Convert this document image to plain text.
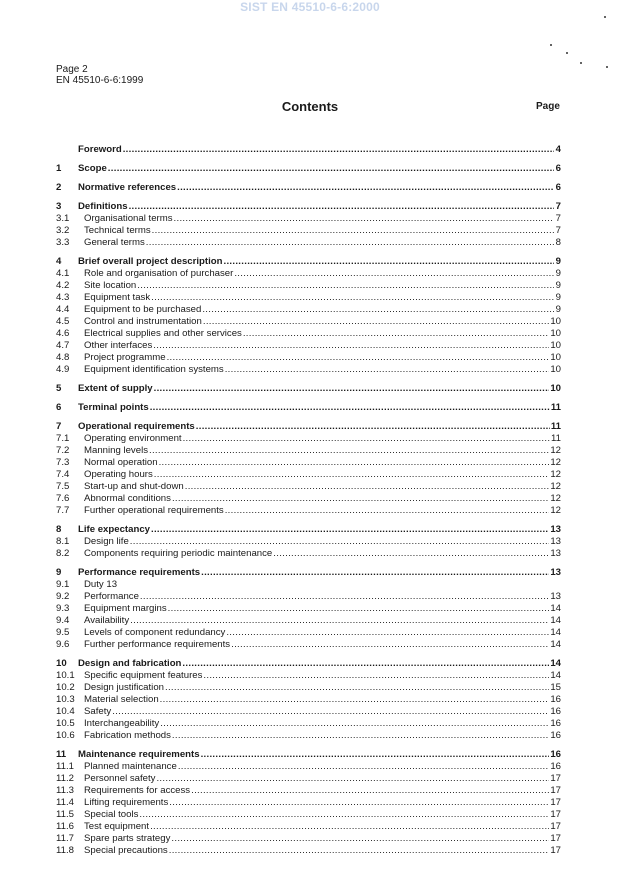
SIST EN 45510-6-6:2000
Page 2
EN 45510-6-6:1999
Contents	Page
Foreword .....	4
1	Scope .....	6
2	Normative references .....	6
3	Definitions .....	7
3.1	Organisational terms .....	7
3.2	Technical terms .....	7
3.3	General terms .....	8
4	Brief overall project description .....	9
4.1	Role and organisation of purchaser .....	9
4.2	Site location .....	9
4.3	Equipment task .....	9
4.4	Equipment to be purchased .....	9
4.5	Control and instrumentation .....	10
4.6	Electrical supplies and other services .....	10
4.7	Other interfaces .....	10
4.8	Project programme .....	10
4.9	Equipment identification systems .....	10
5	Extent of supply .....	10
6	Terminal points .....	11
7	Operational requirements .....	11
7.1	Operating environment .....	11
7.2	Manning levels .....	12
7.3	Normal operation .....	12
7.4	Operating hours .....	12
7.5	Start-up and shut-down .....	12
7.6	Abnormal conditions .....	12
7.7	Further operational requirements .....	12
8	Life expectancy .....	13
8.1	Design life .....	13
8.2	Components requiring periodic maintenance .....	13
9	Performance requirements .....	13
9.1	Duty 13
9.2	Performance .....	13
9.3	Equipment margins .....	14
9.4	Availability .....	14
9.5	Levels of component redundancy .....	14
9.6	Further performance requirements .....	14
10	Design and fabrication .....	14
10.1 Specific equipment features .....	14
10.2 Design justification .....	15
10.3 Material selection .....	16
10.4 Safety .....	16
10.5 Interchangeability .....	16
10.6 Fabrication methods .....	16
11	Maintenance requirements .....	16
11.1	Planned maintenance .....	16
11.2	Personnel safety .....	17
11.3	Requirements for access .....	17
11.4	Lifting requirements .....	17
11.5	Special tools .....	17
11.6	Test equipment .....	17
11.7	Spare parts strategy .....	17
11.8	Special precautions .....	17
